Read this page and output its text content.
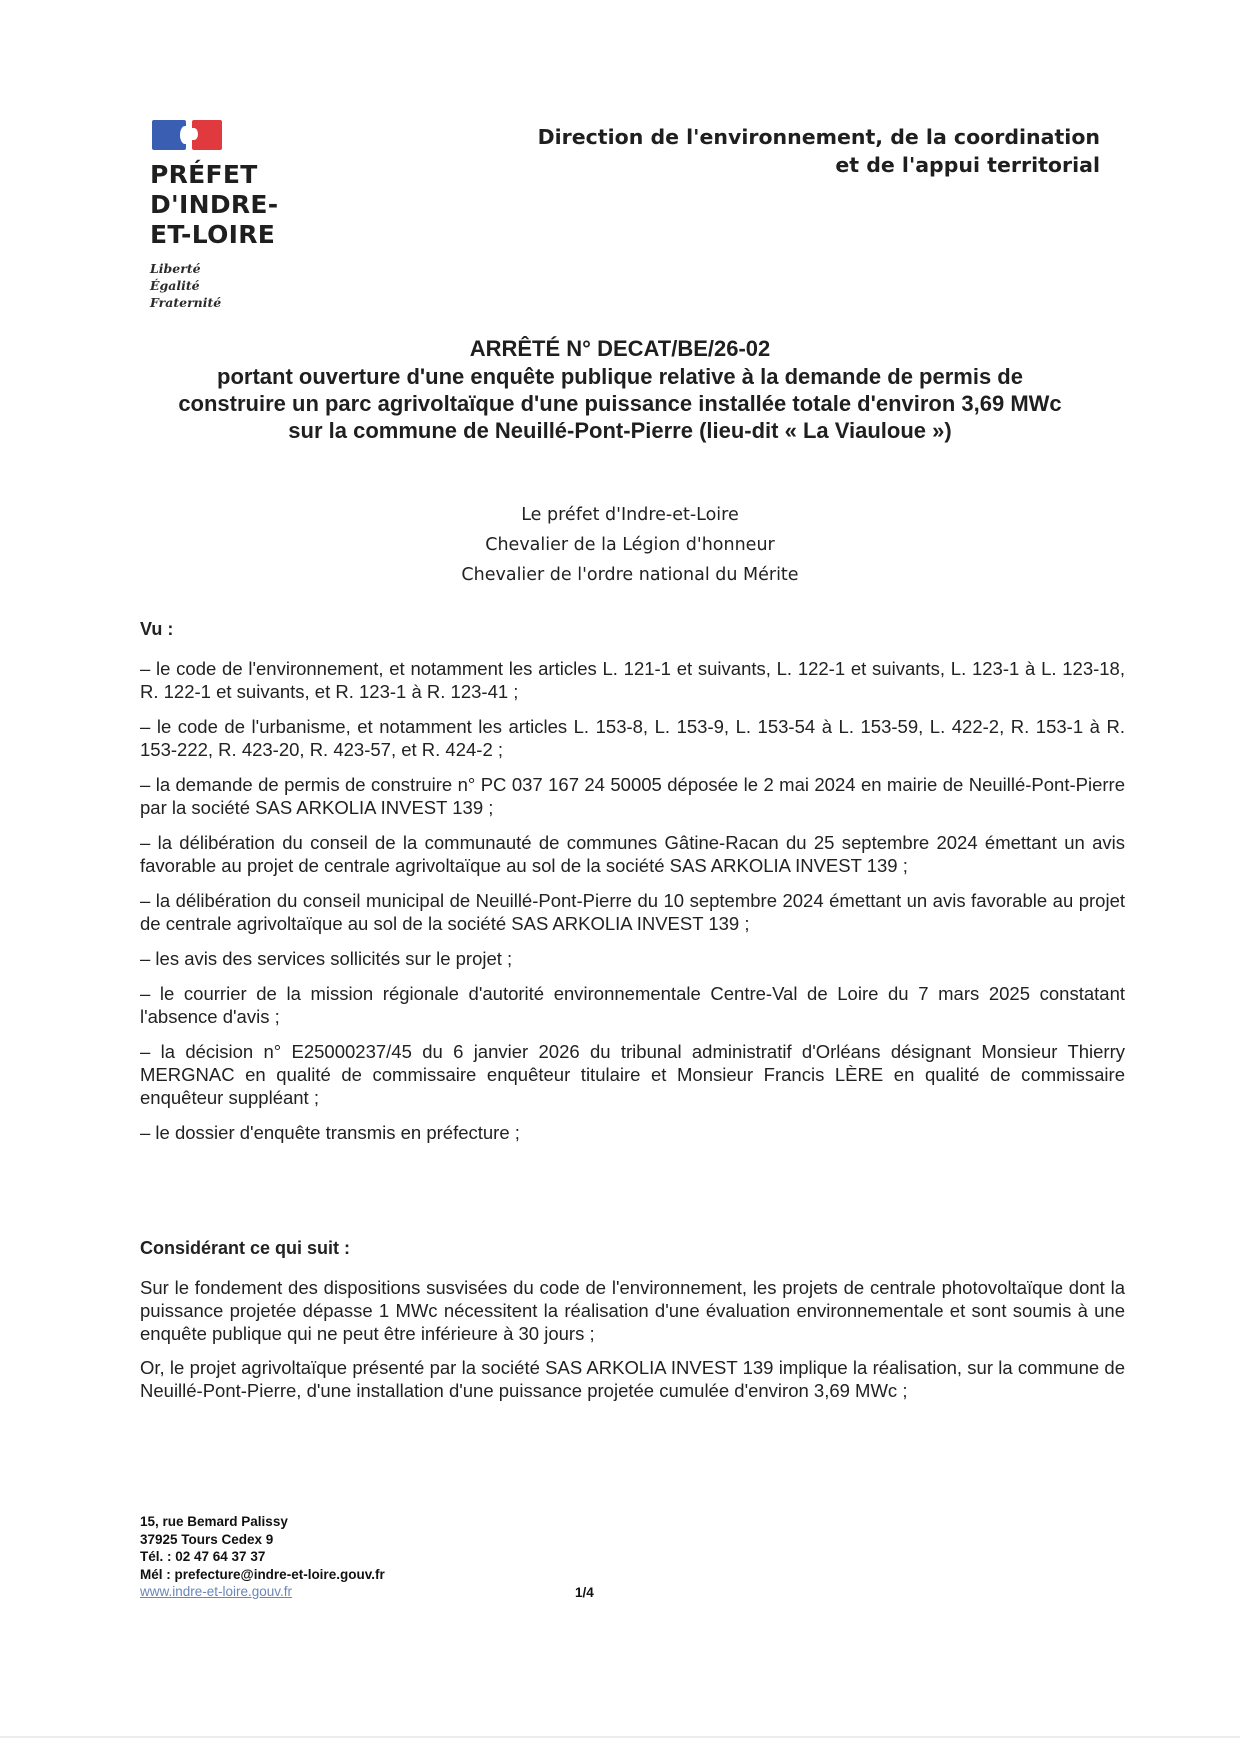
PRÉFET
D'INDRE-
ET-LOIRE
Liberté
Égalité
Fraternité
Direction de l'environnement, de la coordination
et de l'appui territorial
ARRÊTÉ N° DECAT/BE/26-02
portant ouverture d'une enquête publique relative à la demande de permis de
construire un parc agrivoltaïque d'une puissance installée totale d'environ 3,69 MWc
sur la commune de Neuillé-Pont-Pierre (lieu-dit « La Viauloue »)
Le préfet d'Indre-et-Loire
Chevalier de la Légion d'honneur
Chevalier de l'ordre national du Mérite
Vu :
– le code de l'environnement, et notamment les articles L. 121-1 et suivants, L. 122-1 et suivants, L. 123-1 à L. 123-18, R. 122-1 et suivants, et R. 123-1 à R. 123-41 ;
– le code de l'urbanisme, et notamment les articles L. 153-8, L. 153-9, L. 153-54 à L. 153-59, L. 422-2, R. 153-1 à R. 153-222, R. 423-20, R. 423-57, et R. 424-2 ;
– la demande de permis de construire n° PC 037 167 24 50005 déposée le 2 mai 2024 en mairie de Neuillé-Pont-Pierre par la société SAS ARKOLIA INVEST 139 ;
– la délibération du conseil de la communauté de communes Gâtine-Racan du 25 septembre 2024 émettant un avis favorable au projet de centrale agrivoltaïque au sol de la société SAS ARKOLIA INVEST 139 ;
– la délibération du conseil municipal de Neuillé-Pont-Pierre du 10 septembre 2024 émettant un avis favorable au projet de centrale agrivoltaïque au sol de la société SAS ARKOLIA INVEST 139 ;
– les avis des services sollicités sur le projet ;
– le courrier de la mission régionale d'autorité environnementale Centre-Val de Loire du 7 mars 2025 constatant l'absence d'avis ;
– la décision n° E25000237/45 du 6 janvier 2026 du tribunal administratif d'Orléans désignant Monsieur Thierry MERGNAC en qualité de commissaire enquêteur titulaire et Monsieur Francis LÈRE en qualité de commissaire enquêteur suppléant ;
– le dossier d'enquête transmis en préfecture ;
Considérant ce qui suit :
Sur le fondement des dispositions susvisées du code de l'environnement, les projets de centrale photovoltaïque dont la puissance projetée dépasse 1 MWc nécessitent la réalisation d'une évaluation environnementale et sont soumis à une enquête publique qui ne peut être inférieure à 30 jours ;
Or, le projet agrivoltaïque présenté par la société SAS ARKOLIA INVEST 139 implique la réalisation, sur la commune de Neuillé-Pont-Pierre, d'une installation d'une puissance projetée cumulée d'environ 3,69 MWc ;
15, rue Bemard Palissy
37925 Tours Cedex 9
Tél. : 02 47 64 37 37
Mél : prefecture@indre-et-loire.gouv.fr
www.indre-et-loire.gouv.fr	1/4
